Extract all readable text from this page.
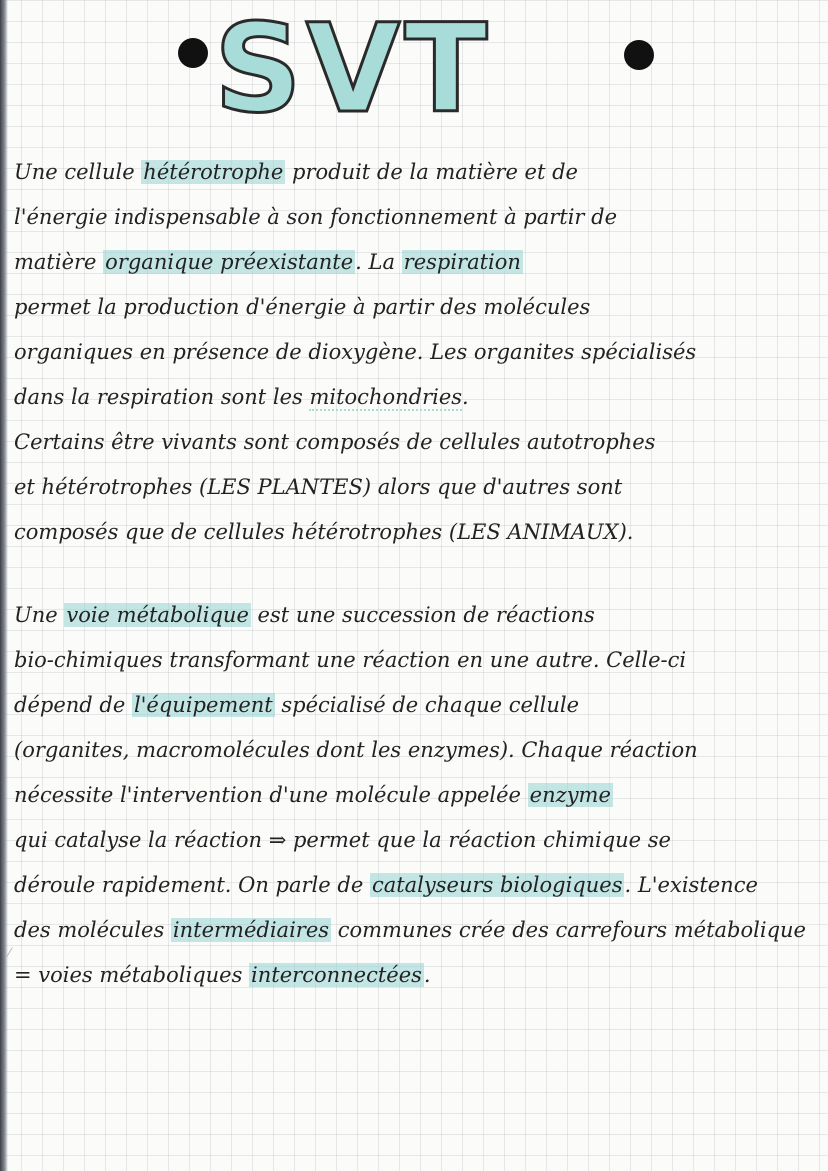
SVT

Une cellule hétérotrophe produit de la matière et de

l'énergie indispensable à son fonctionnement à partir de

matière organique préexistante. La respiration

permet la production d'énergie à partir des molécules

organiques en présence de dioxygène. Les organites spécialisés

dans la respiration sont les mitochondries.

Certains être vivants sont composés de cellules autotrophes

et hétérotrophes (LES PLANTES) alors que d'autres sont

composés que de cellules hétérotrophes (LES ANIMAUX).

Une voie métabolique est une succession de réactions

bio-chimiques transformant une réaction en une autre. Celle-ci

dépend de l'équipement spécialisé de chaque cellule

(organites, macromolécules dont les enzymes). Chaque réaction

nécessite l'intervention d'une molécule appelée enzyme

qui catalyse la réaction ⇒ permet que la réaction chimique se

déroule rapidement. On parle de catalyseurs biologiques. L'existence

des molécules intermédiaires communes crée des carrefours métabolique

= voies métaboliques interconnectées.

⁄
